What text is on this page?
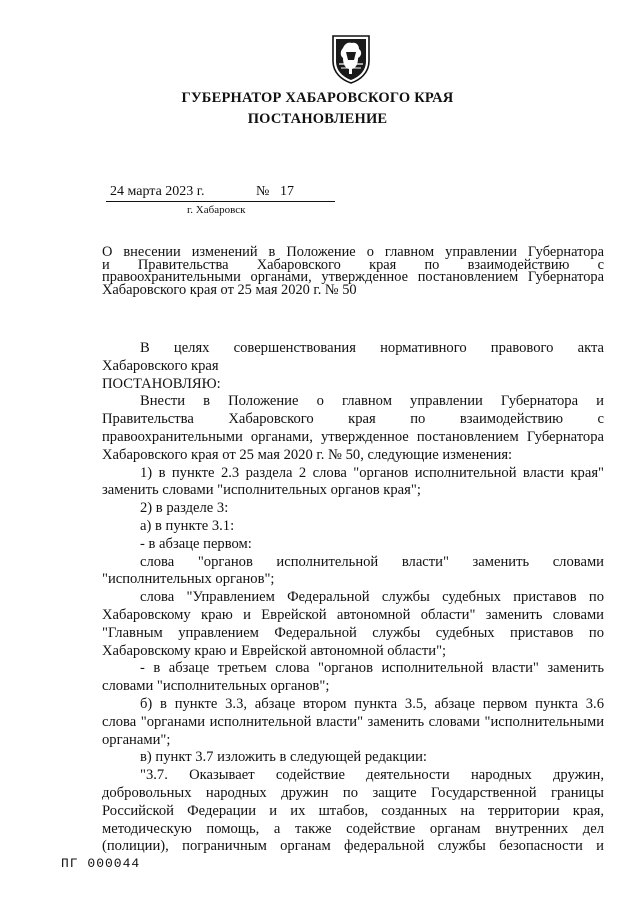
ГУБЕРНАТОР ХАБАРОВСКОГО КРАЯ
ПОСТАНОВЛЕНИЕ
24 марта 2023 г.	№ 17
г. Хабаровск
О внесении изменений в Положение о главном управлении Губернатора
и Правительства Хабаровского края по взаимодействию с
правоохранительными органами, утвержденное постановлением Губернатора
Хабаровского края от 25 мая 2020 г. № 50
В целях совершенствования нормативного правового акта
Хабаровского края
ПОСТАНОВЛЯЮ:
Внести в Положение о главном управлении Губернатора и
Правительства Хабаровского края по взаимодействию с
правоохранительными органами, утвержденное постановлением Губернатора
Хабаровского края от 25 мая 2020 г. № 50, следующие изменения:
1) в пункте 2.3 раздела 2 слова "органов исполнительной власти края"
заменить словами "исполнительных органов края";
2) в разделе 3:
а) в пункте 3.1:
- в абзаце первом:
слова "органов исполнительной власти" заменить словами
"исполнительных органов";
слова "Управлением Федеральной службы судебных приставов по
Хабаровскому краю и Еврейской автономной области" заменить словами
"Главным управлением Федеральной службы судебных приставов по
Хабаровскому краю и Еврейской автономной области";
- в абзаце третьем слова "органов исполнительной власти" заменить
словами "исполнительных органов";
б) в пункте 3.3, абзаце втором пункта 3.5, абзаце первом пункта 3.6
слова "органами исполнительной власти" заменить словами "исполнительными
органами";
в) пункт 3.7 изложить в следующей редакции:
"3.7. Оказывает содействие деятельности народных дружин,
добровольных народных дружин по защите Государственной границы
Российской Федерации и их штабов, созданных на территории края,
методическую помощь, а также содействие органам внутренних дел
(полиции), пограничным органам федеральной службы безопасности и
ПГ 000044
